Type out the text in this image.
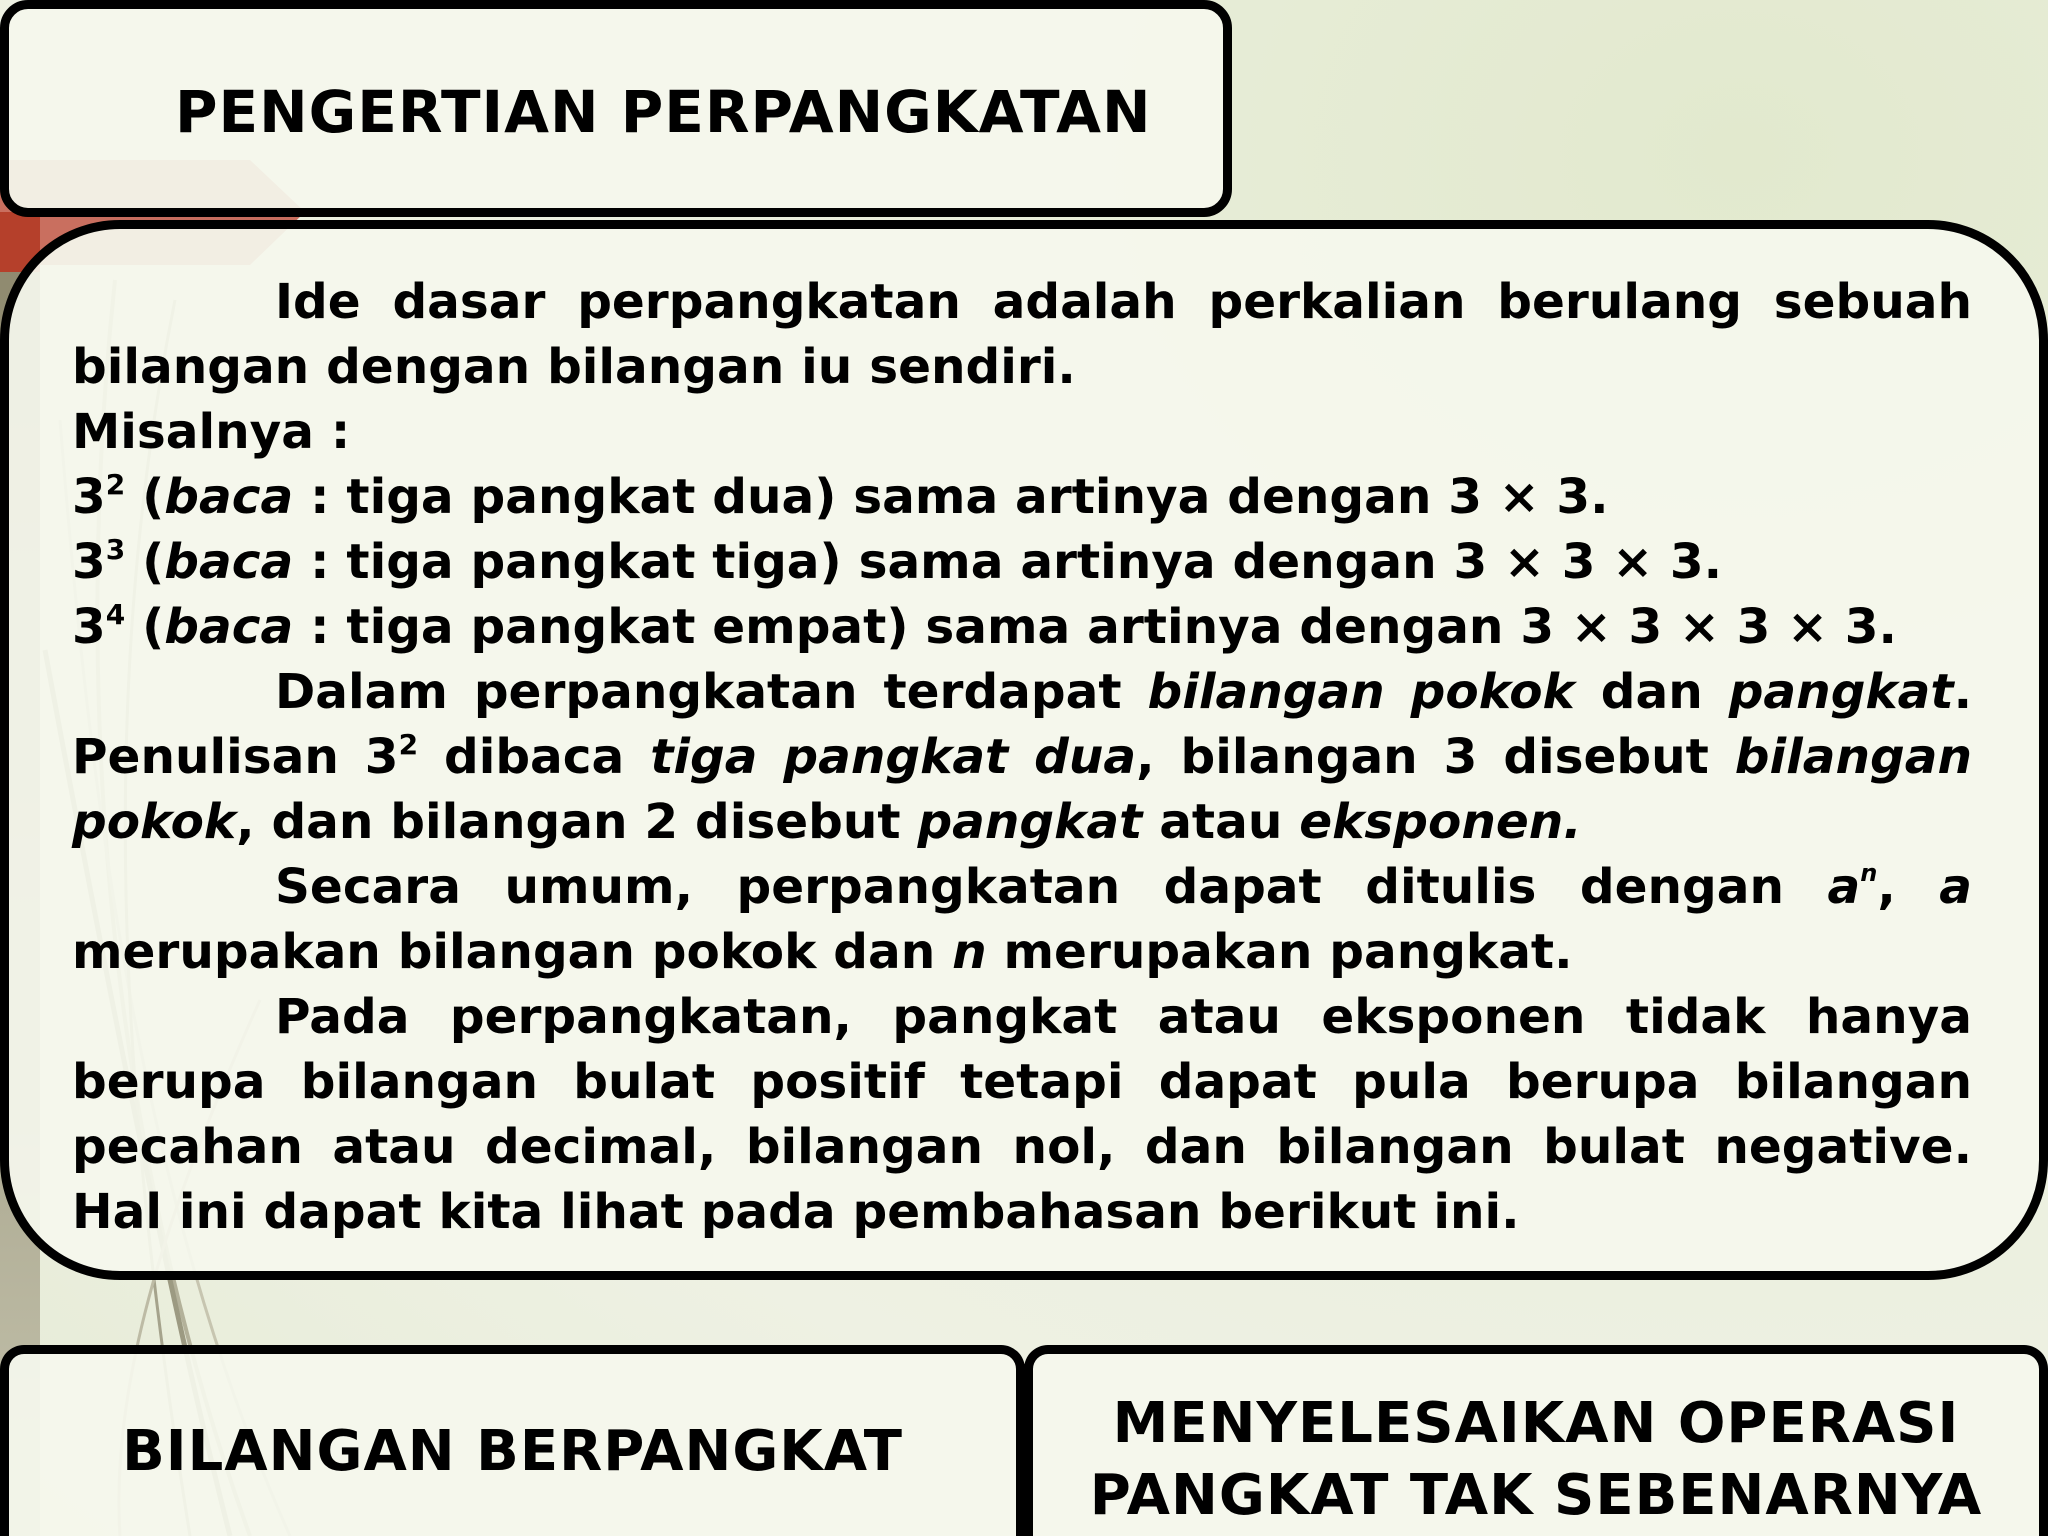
PENGERTIAN PERPANGKATAN

Ide dasar perpangkatan adalah perkalian berulang sebuah bilangan dengan bilangan iu sendiri.

Misalnya :

$3^2$ (baca : tiga pangkat dua) sama artinya dengan 3 × 3.

$3^3$ (baca : tiga pangkat tiga) sama artinya dengan 3 × 3 × 3.

$3^4$ (baca : tiga pangkat empat) sama artinya dengan 3 × 3 × 3 × 3.

Dalam perpangkatan terdapat bilangan pokok dan pangkat. Penulisan $3^2$ dibaca tiga pangkat dua, bilangan 3 disebut bilangan pokok, dan bilangan 2 disebut pangkat atau eksponen.

Secara umum, perpangkatan dapat ditulis dengan $a^n$, a merupakan bilangan pokok dan n merupakan pangkat.

Pada perpangkatan, pangkat atau eksponen tidak hanya berupa bilangan bulat positif tetapi dapat pula berupa bilangan pecahan atau decimal, bilangan nol, dan bilangan bulat negative. Hal ini dapat kita lihat pada pembahasan berikut ini.

BILANGAN BERPANGKAT	MENYELESAIKAN OPERASI
PANGKAT TAK SEBENARNYA
